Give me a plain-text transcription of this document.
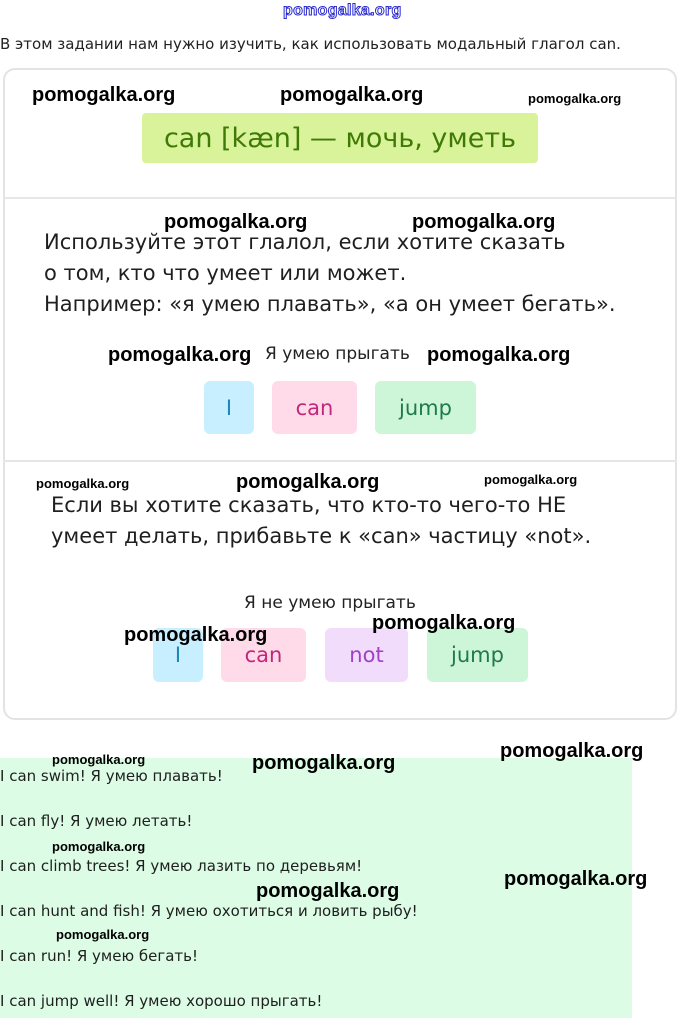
pomogalka.org
В этом задании нам нужно изучить, как использовать модальный глагол can.
can [kæn] — мочь, уметь
Используйте этот глалол, если хотите сказать
о том, кто что умеет или может.
Например: «я умею плавать», «а он умеет бегать».
Я умею прыгать
I	can	jump
Если вы хотите сказать, что кто-то чего-то НЕ
умеет делать, прибавьте к «can» частицу «not».
Я не умею прыгать
I	can	not	jump
I can swim! Я умею плавать!
I can fly! Я умею летать!
I can climb trees! Я умею лазить по деревьям!
I can hunt and fish! Я умею охотиться и ловить рыбу!
I can run! Я умею бегать!
I can jump well! Я умею хорошо прыгать!
pomogalka.org	pomogalka.org	pomogalka.org
pomogalka.org	pomogalka.org
pomogalka.org	pomogalka.org
pomogalka.org	pomogalka.org	pomogalka.org
pomogalka.org
pomogalka.org
pomogalka.org	pomogalka.org
pomogalka.org
pomogalka.org
pomogalka.org
pomogalka.org
pomogalka.org
